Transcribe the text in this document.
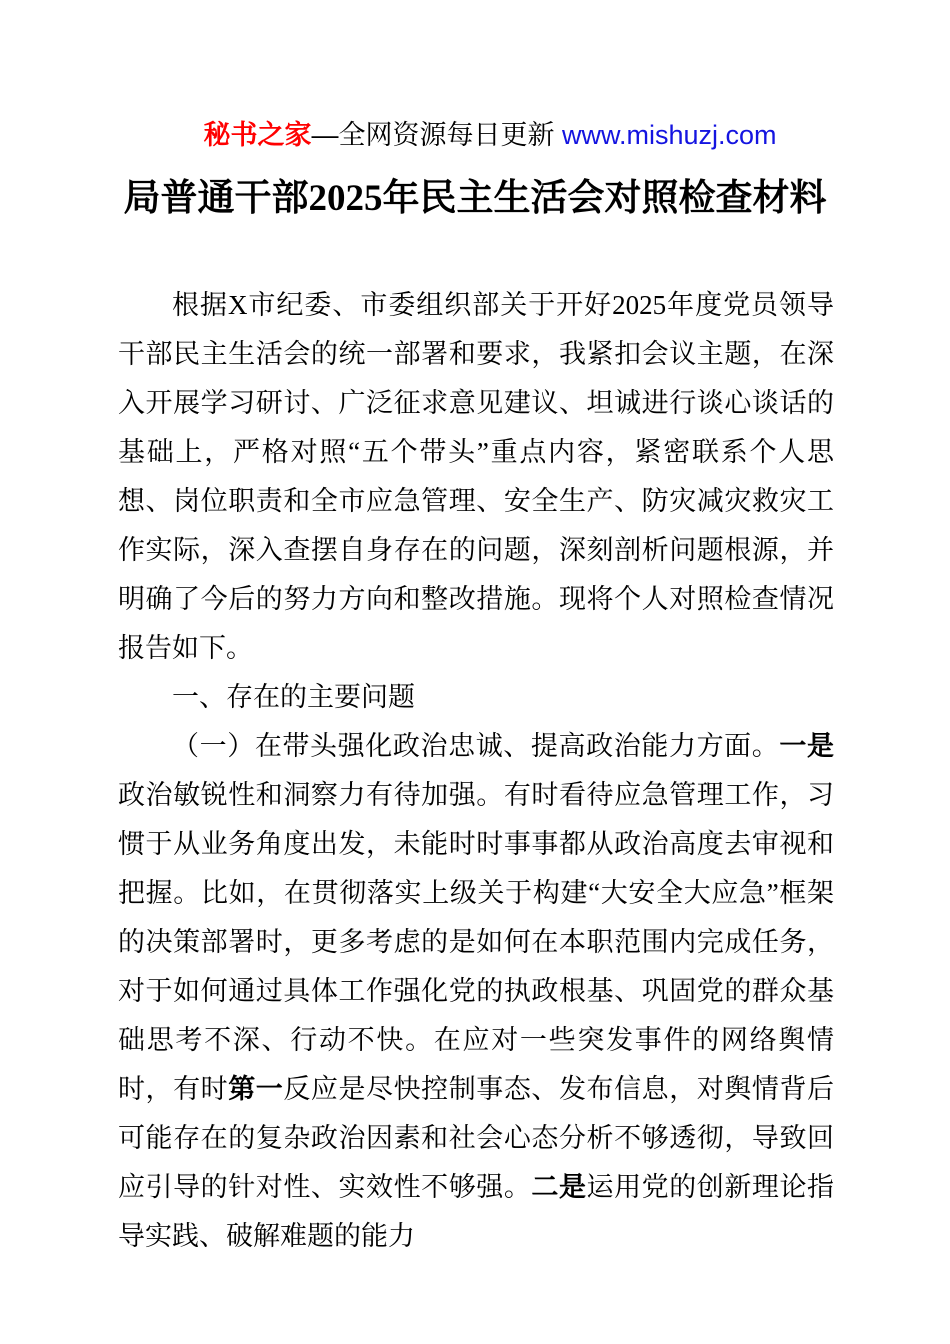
秘书之家—全网资源每日更新 www.mishuzj.com

局普通干部2025年民主生活会对照检查材料

根据X市纪委、市委组织部关于开好2025年度党员领导干部民主生活会的统一部署和要求，我紧扣会议主题，在深入开展学习研讨、广泛征求意见建议、坦诚进行谈心谈话的基础上，严格对照“五个带头”重点内容，紧密联系个人思想、岗位职责和全市应急管理、安全生产、防灾减灾救灾工作实际，深入查摆自身存在的问题，深刻剖析问题根源，并明确了今后的努力方向和整改措施。现将个人对照检查情况报告如下。

一、存在的主要问题

（一）在带头强化政治忠诚、提高政治能力方面。一是政治敏锐性和洞察力有待加强。有时看待应急管理工作，习惯于从业务角度出发，未能时时事事都从政治高度去审视和把握。比如，在贯彻落实上级关于构建“大安全大应急”框架的决策部署时，更多考虑的是如何在本职范围内完成任务，对于如何通过具体工作强化党的执政根基、巩固党的群众基础思考不深、行动不快。在应对一些突发事件的网络舆情时，有时第一反应是尽快控制事态、发布信息，对舆情背后可能存在的复杂政治因素和社会心态分析不够透彻，导致回应引导的针对性、实效性不够强。二是运用党的创新理论指导实践、破解难题的能力
